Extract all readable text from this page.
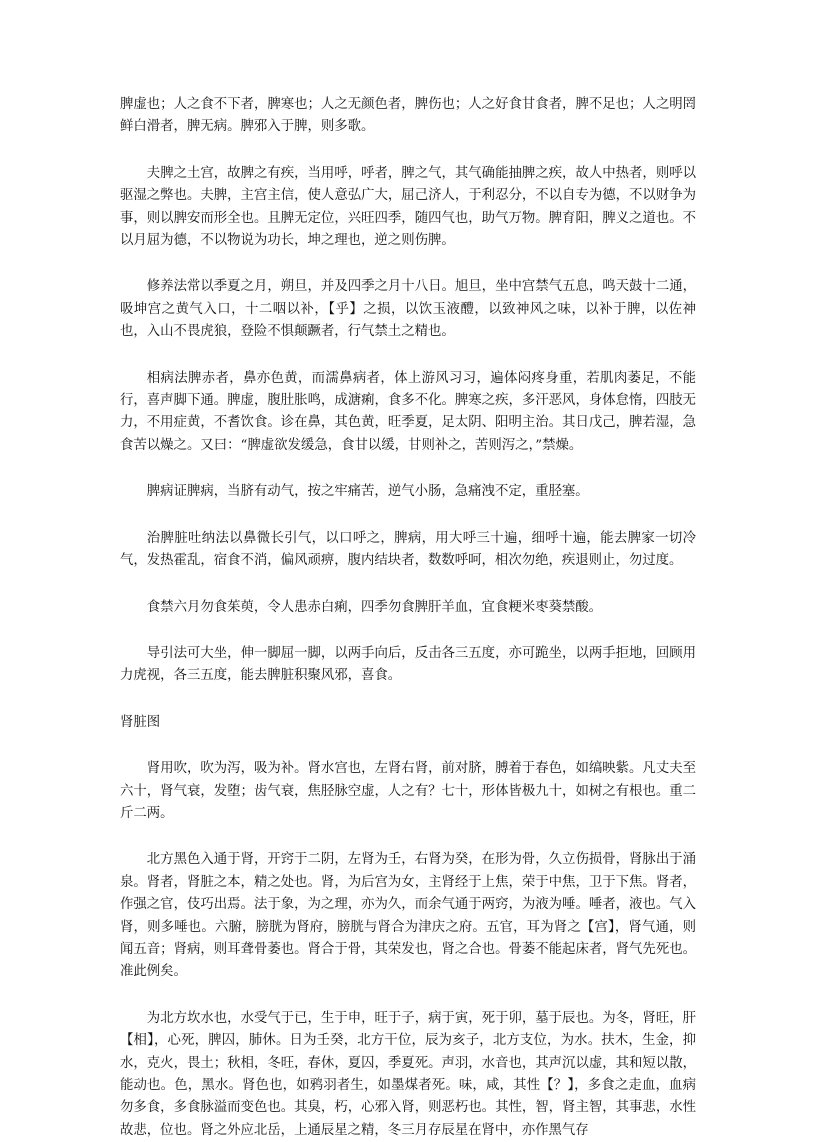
脾虚也；人之食不下者，脾寒也；人之无颜色者，脾伤也；人之好食甘食者，脾不足也；人之明罔鲜白滑者，脾无病。脾邪入于脾，则多歌。

夫脾之土宫，故脾之有疾，当用呼，呼者，脾之气，其气确能抽脾之疾，故人中热者，则呼以驱湿之弊也。夫脾，主宫主信，使人意弘广大，屈己济人，于利忍分，不以自专为德，不以财争为事，则以脾安而形全也。且脾无定位，兴旺四季，随四气也，助气万物。脾育阳，脾义之道也。不以月屈为德，不以物说为功长，坤之理也，逆之则伤脾。

修养法常以季夏之月，朔旦，并及四季之月十八日。旭旦，坐中宫禁气五息，鸣天鼓十二通，吸坤宫之黄气入口，十二咽以补，【乎】之损，以饮玉液醴，以致神风之味，以补于脾，以佐神也，入山不畏虎狼，登险不惧颠蹶者，行气禁土之精也。

相病法脾赤者，鼻亦色黄，而濡鼻病者，体上游风习习，遍体闷疼身重，若肌肉萎足，不能行，喜声脚下通。脾虚，腹肚胀鸣，成溏痢，食多不化。脾寒之疾，多汗恶风，身体怠惰，四肢无力，不用症黄，不耆饮食。诊在鼻，其色黄，旺季夏，足太阴、阳明主治。其日戊己，脾若湿，急食苦以燥之。又曰：“脾虚欲发缓急，食甘以缓，甘则补之，苦则泻之，”禁燥。

脾病证脾病，当脐有动气，按之牢痛苦，逆气小肠，急痛洩不定，重胫塞。

治脾脏吐纳法以鼻微长引气，以口呼之，脾病，用大呼三十遍，细呼十遍，能去脾家一切冷气，发热霍乱，宿食不消，偏风顽痹，腹内结块者，数数呼呵，相次勿绝，疾退则止，勿过度。

食禁六月勿食茱萸，令人患赤白痢，四季勿食脾肝羊血，宜食粳米枣葵禁酸。

导引法可大坐，伸一脚屈一脚，以两手向后，反击各三五度，亦可跪坐，以两手拒地，回顾用力虎视，各三五度，能去脾脏积聚风邪，喜食。

肾脏图

肾用吹，吹为泻，吸为补。肾水宫也，左肾右肾，前对脐，膊着于春色，如缟映紫。凡丈夫至六十，肾气衰，发堕；齿气衰，焦胫脉空虚，人之有？七十，形体皆极九十，如树之有根也。重二斤二两。

北方黑色入通于肾，开窍于二阴，左肾为壬，右肾为癸，在形为骨，久立伤损骨，肾脉出于涌泉。肾者，肾脏之本，精之处也。肾，为后宫为女，主肾经于上焦，荣于中焦，卫于下焦。肾者，作强之官，伎巧出焉。法于象，为之理，亦为久，而余气通于两窍，为液为唾。唾者，液也。气入肾，则多唾也。六腑，膀胱为肾府，膀胱与肾合为津庆之府。五官，耳为肾之【宫】，肾气通，则闻五音；肾病，则耳聋骨萎也。肾合于骨，其荣发也，肾之合也。骨萎不能起床者，肾气先死也。准此例矣。

为北方坎水也，水受气于已，生于申，旺于子，病于寅，死于卯，墓于辰也。为冬，肾旺，肝【相】，心死，脾囚，肺休。日为壬癸，北方干位，辰为亥子，北方支位，为水。扶木，生金，抑水，克火，畏土；秋相，冬旺，春休，夏囚，季夏死。声羽，水音也，其声沉以虚，其和短以散，能动也。色，黑水。肾色也，如鸦羽者生，如墨煤者死。味，咸，其性【？】，多食之走血，血病勿多食，多食脉溢而变色也。其臭，朽，心邪入肾，则恶朽也。其性，智，肾主智，其事悲，水性故悲，位也。肾之外应北岳，上通辰星之精，冬三月存辰星在肾中，亦作黑气存
